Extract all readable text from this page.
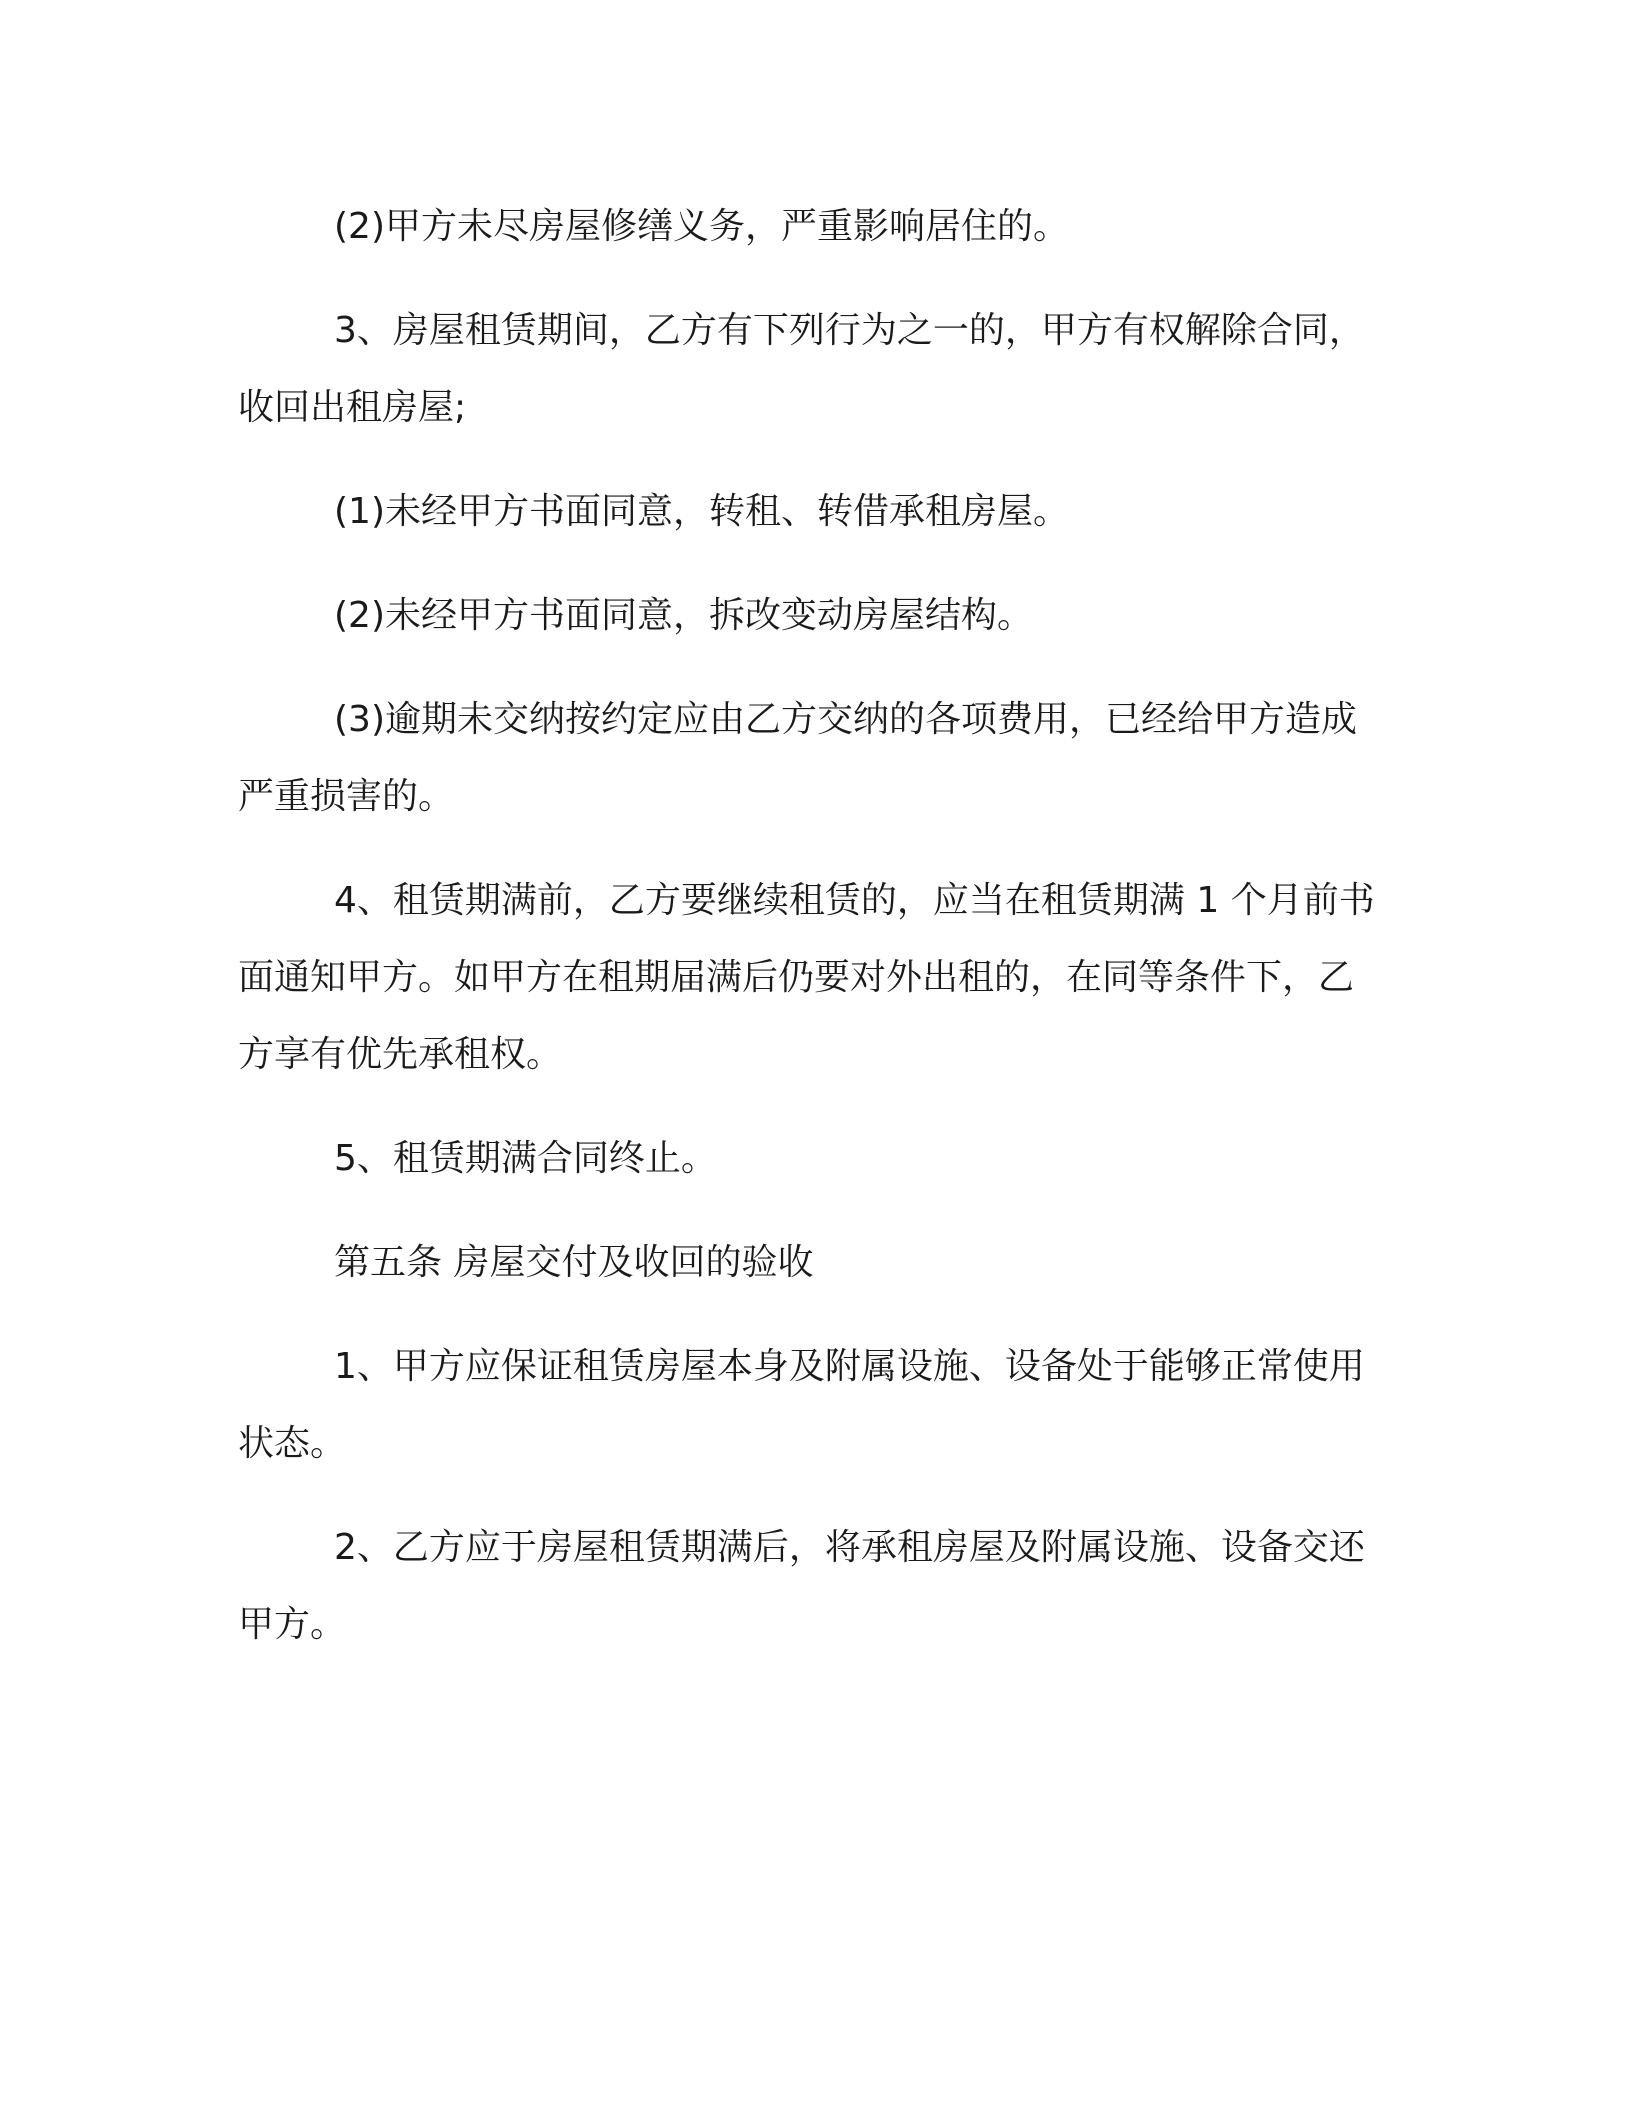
(2)甲方未尽房屋修缮义务，严重影响居住的。

3、房屋租赁期间，乙方有下列行为之一的，甲方有权解除合同，收回出租房屋;

(1)未经甲方书面同意，转租、转借承租房屋。

(2)未经甲方书面同意，拆改变动房屋结构。

(3)逾期未交纳按约定应由乙方交纳的各项费用，已经给甲方造成严重损害的。

4、租赁期满前，乙方要继续租赁的，应当在租赁期满 1 个月前书面通知甲方。如甲方在租期届满后仍要对外出租的，在同等条件下，乙方享有优先承租权。

5、租赁期满合同终止。

第五条 房屋交付及收回的验收

1、甲方应保证租赁房屋本身及附属设施、设备处于能够正常使用状态。

2、乙方应于房屋租赁期满后，将承租房屋及附属设施、设备交还甲方。
